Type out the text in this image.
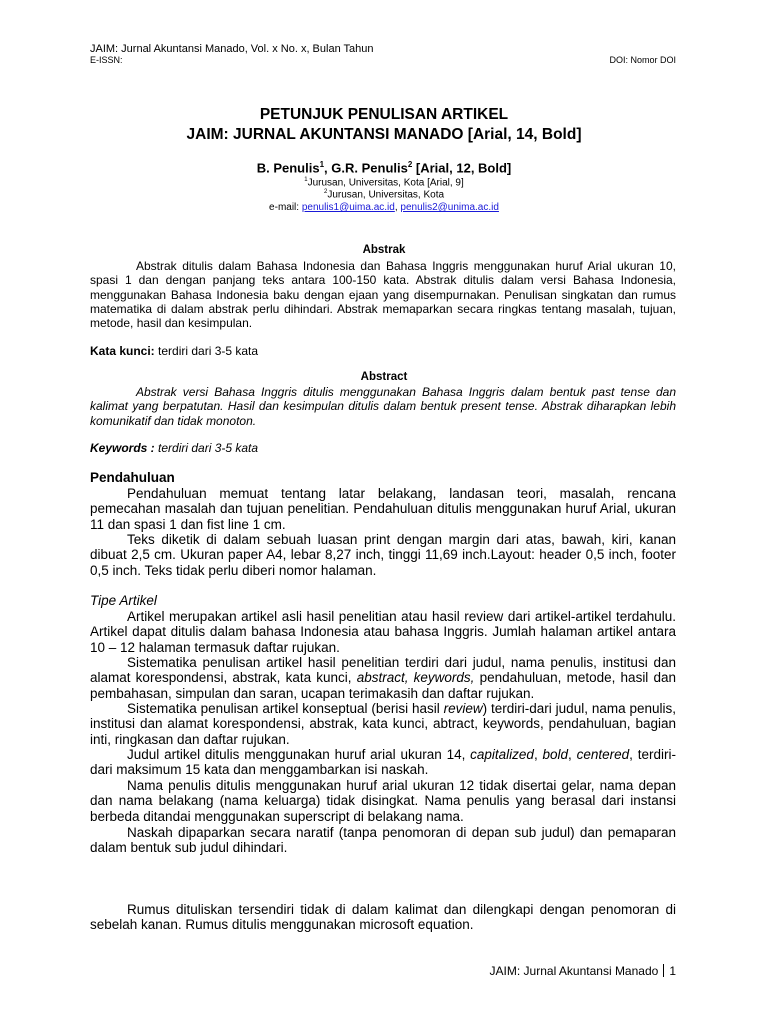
JAIM: Jurnal Akuntansi Manado, Vol. x No. x, Bulan Tahun
E-ISSN:	DOI: Nomor DOI
PETUNJUK PENULISAN ARTIKEL
JAIM: JURNAL AKUNTANSI MANADO [Arial, 14, Bold]
B. Penulis$^1$, G.R. Penulis$^2$ [Arial, 12, Bold]
$^1$Jurusan, Universitas, Kota [Arial, 9]
$^2$Jurusan, Universitas, Kota
e-mail: penulis1@uima.ac.id, penulis2@unima.ac.id
Abstrak

Abstrak ditulis dalam Bahasa Indonesia dan Bahasa Inggris menggunakan huruf Arial ukuran 10, spasi 1 dan dengan panjang teks antara 100-150 kata. Abstrak ditulis dalam versi Bahasa Indonesia, menggunakan Bahasa Indonesia baku dengan ejaan yang disempurnakan. Penulisan singkatan dan rumus matematika di dalam abstrak perlu dihindari. Abstrak memaparkan secara ringkas tentang masalah, tujuan, metode, hasil dan kesimpulan.

Kata kunci: terdiri dari 3-5 kata
Abstract

Abstrak versi Bahasa Inggris ditulis menggunakan Bahasa Inggris dalam bentuk past tense dan kalimat yang berpatutan. Hasil dan kesimpulan ditulis dalam bentuk present tense. Abstrak diharapkan lebih komunikatif dan tidak monoton.

Keywords : terdiri dari 3-5 kata
Pendahuluan

Pendahuluan memuat tentang latar belakang, landasan teori, masalah, rencana pemecahan masalah dan tujuan penelitian. Pendahuluan ditulis menggunakan huruf Arial, ukuran 11 dan spasi 1 dan fist line 1 cm.

Teks diketik di dalam sebuah luasan print dengan margin dari atas, bawah, kiri, kanan dibuat 2,5 cm. Ukuran paper A4, lebar 8,27 inch, tinggi 11,69 inch.Layout: header 0,5 inch, footer 0,5 inch. Teks tidak perlu diberi nomor halaman.

Tipe Artikel

Artikel merupakan artikel asli hasil penelitian atau hasil review dari artikel-artikel terdahulu. Artikel dapat ditulis dalam bahasa Indonesia atau bahasa Inggris. Jumlah halaman artikel antara 10 – 12 halaman termasuk daftar rujukan.

Sistematika penulisan artikel hasil penelitian terdiri dari judul, nama penulis, institusi dan alamat korespondensi, abstrak, kata kunci, abstract, keywords, pendahuluan, metode, hasil dan pembahasan, simpulan dan saran, ucapan terimakasih dan daftar rujukan.

Sistematika penulisan artikel konseptual (berisi hasil review) terdiri-dari judul, nama penulis, institusi dan alamat korespondensi, abstrak, kata kunci, abtract, keywords, pendahuluan, bagian inti, ringkasan dan daftar rujukan.

Judul artikel ditulis menggunakan huruf arial ukuran 14, capitalized, bold, centered, terdiri-dari maksimum 15 kata dan menggambarkan isi naskah.

Nama penulis ditulis menggunakan huruf arial ukuran 12 tidak disertai gelar, nama depan dan nama belakang (nama keluarga) tidak disingkat. Nama penulis yang berasal dari instansi berbeda ditandai menggunakan superscript di belakang nama.

Naskah dipaparkan secara naratif (tanpa penomoran di depan sub judul) dan pemaparan dalam bentuk sub judul dihindari.

Rumus dituliskan tersendiri tidak di dalam kalimat dan dilengkapi dengan penomoran di sebelah kanan. Rumus ditulis menggunakan microsoft equation.

JAIM: Jurnal Akuntansi Manado 1
